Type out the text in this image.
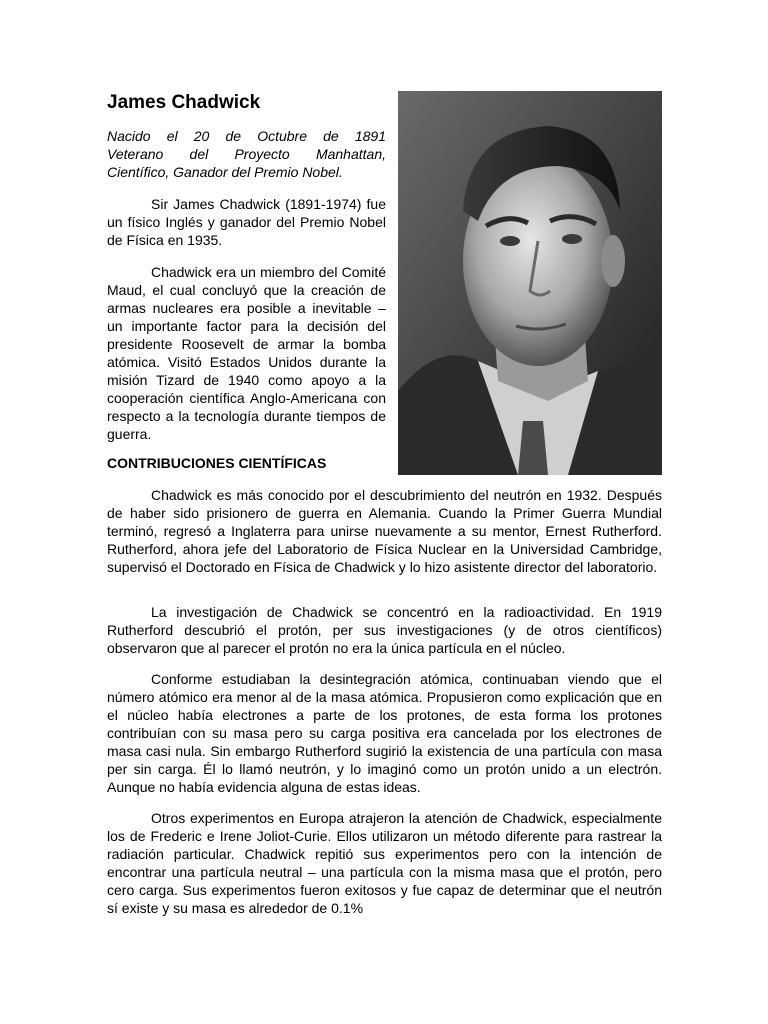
James Chadwick

Nacido el 20 de Octubre de 1891
Veterano del Proyecto Manhattan,
Científico, Ganador del Premio Nobel.

Sir James Chadwick (1891-1974) fue un físico Inglés y ganador del Premio Nobel de Física en 1935.

Chadwick era un miembro del Comité Maud, el cual concluyó que la creación de armas nucleares era posible a inevitable – un importante factor para la decisión del presidente Roosevelt de armar la bomba atómica. Visitó Estados Unidos durante la misión Tizard de 1940 como apoyo a la cooperación científica Anglo-Americana con respecto a la tecnología durante tiempos de guerra.

CONTRIBUCIONES CIENTÍFICAS

Chadwick es más conocido por el descubrimiento del neutrón en 1932. Después de haber sido prisionero de guerra en Alemania. Cuando la Primer Guerra Mundial terminó, regresó a Inglaterra para unirse nuevamente a su mentor, Ernest Rutherford. Rutherford, ahora jefe del Laboratorio de Física Nuclear en la Universidad Cambridge, supervisó el Doctorado en Física de Chadwick y lo hizo asistente director del laboratorio.

La investigación de Chadwick se concentró en la radioactividad. En 1919 Rutherford descubrió el protón, per sus investigaciones (y de otros científicos) observaron que al parecer el protón no era la única partícula en el núcleo.

Conforme estudiaban la desintegración atómica, continuaban viendo que el número atómico era menor al de la masa atómica. Propusieron como explicación que en el núcleo había electrones a parte de los protones, de esta forma los protones contribuían con su masa pero su carga positiva era cancelada por los electrones de masa casi nula. Sin embargo Rutherford sugirió la existencia de una partícula con masa per sin carga. Él lo llamó neutrón, y lo imaginó como un protón unido a un electrón. Aunque no había evidencia alguna de estas ideas.

Otros experimentos en Europa atrajeron la atención de Chadwick, especialmente los de Frederic e Irene Joliot-Curie. Ellos utilizaron un método diferente para rastrear la radiación particular. Chadwick repitió sus experimentos pero con la intención de encontrar una partícula neutral – una partícula con la misma masa que el protón, pero cero carga. Sus experimentos fueron exitosos y fue capaz de determinar que el neutrón sí existe y su masa es alrededor de 0.1%
